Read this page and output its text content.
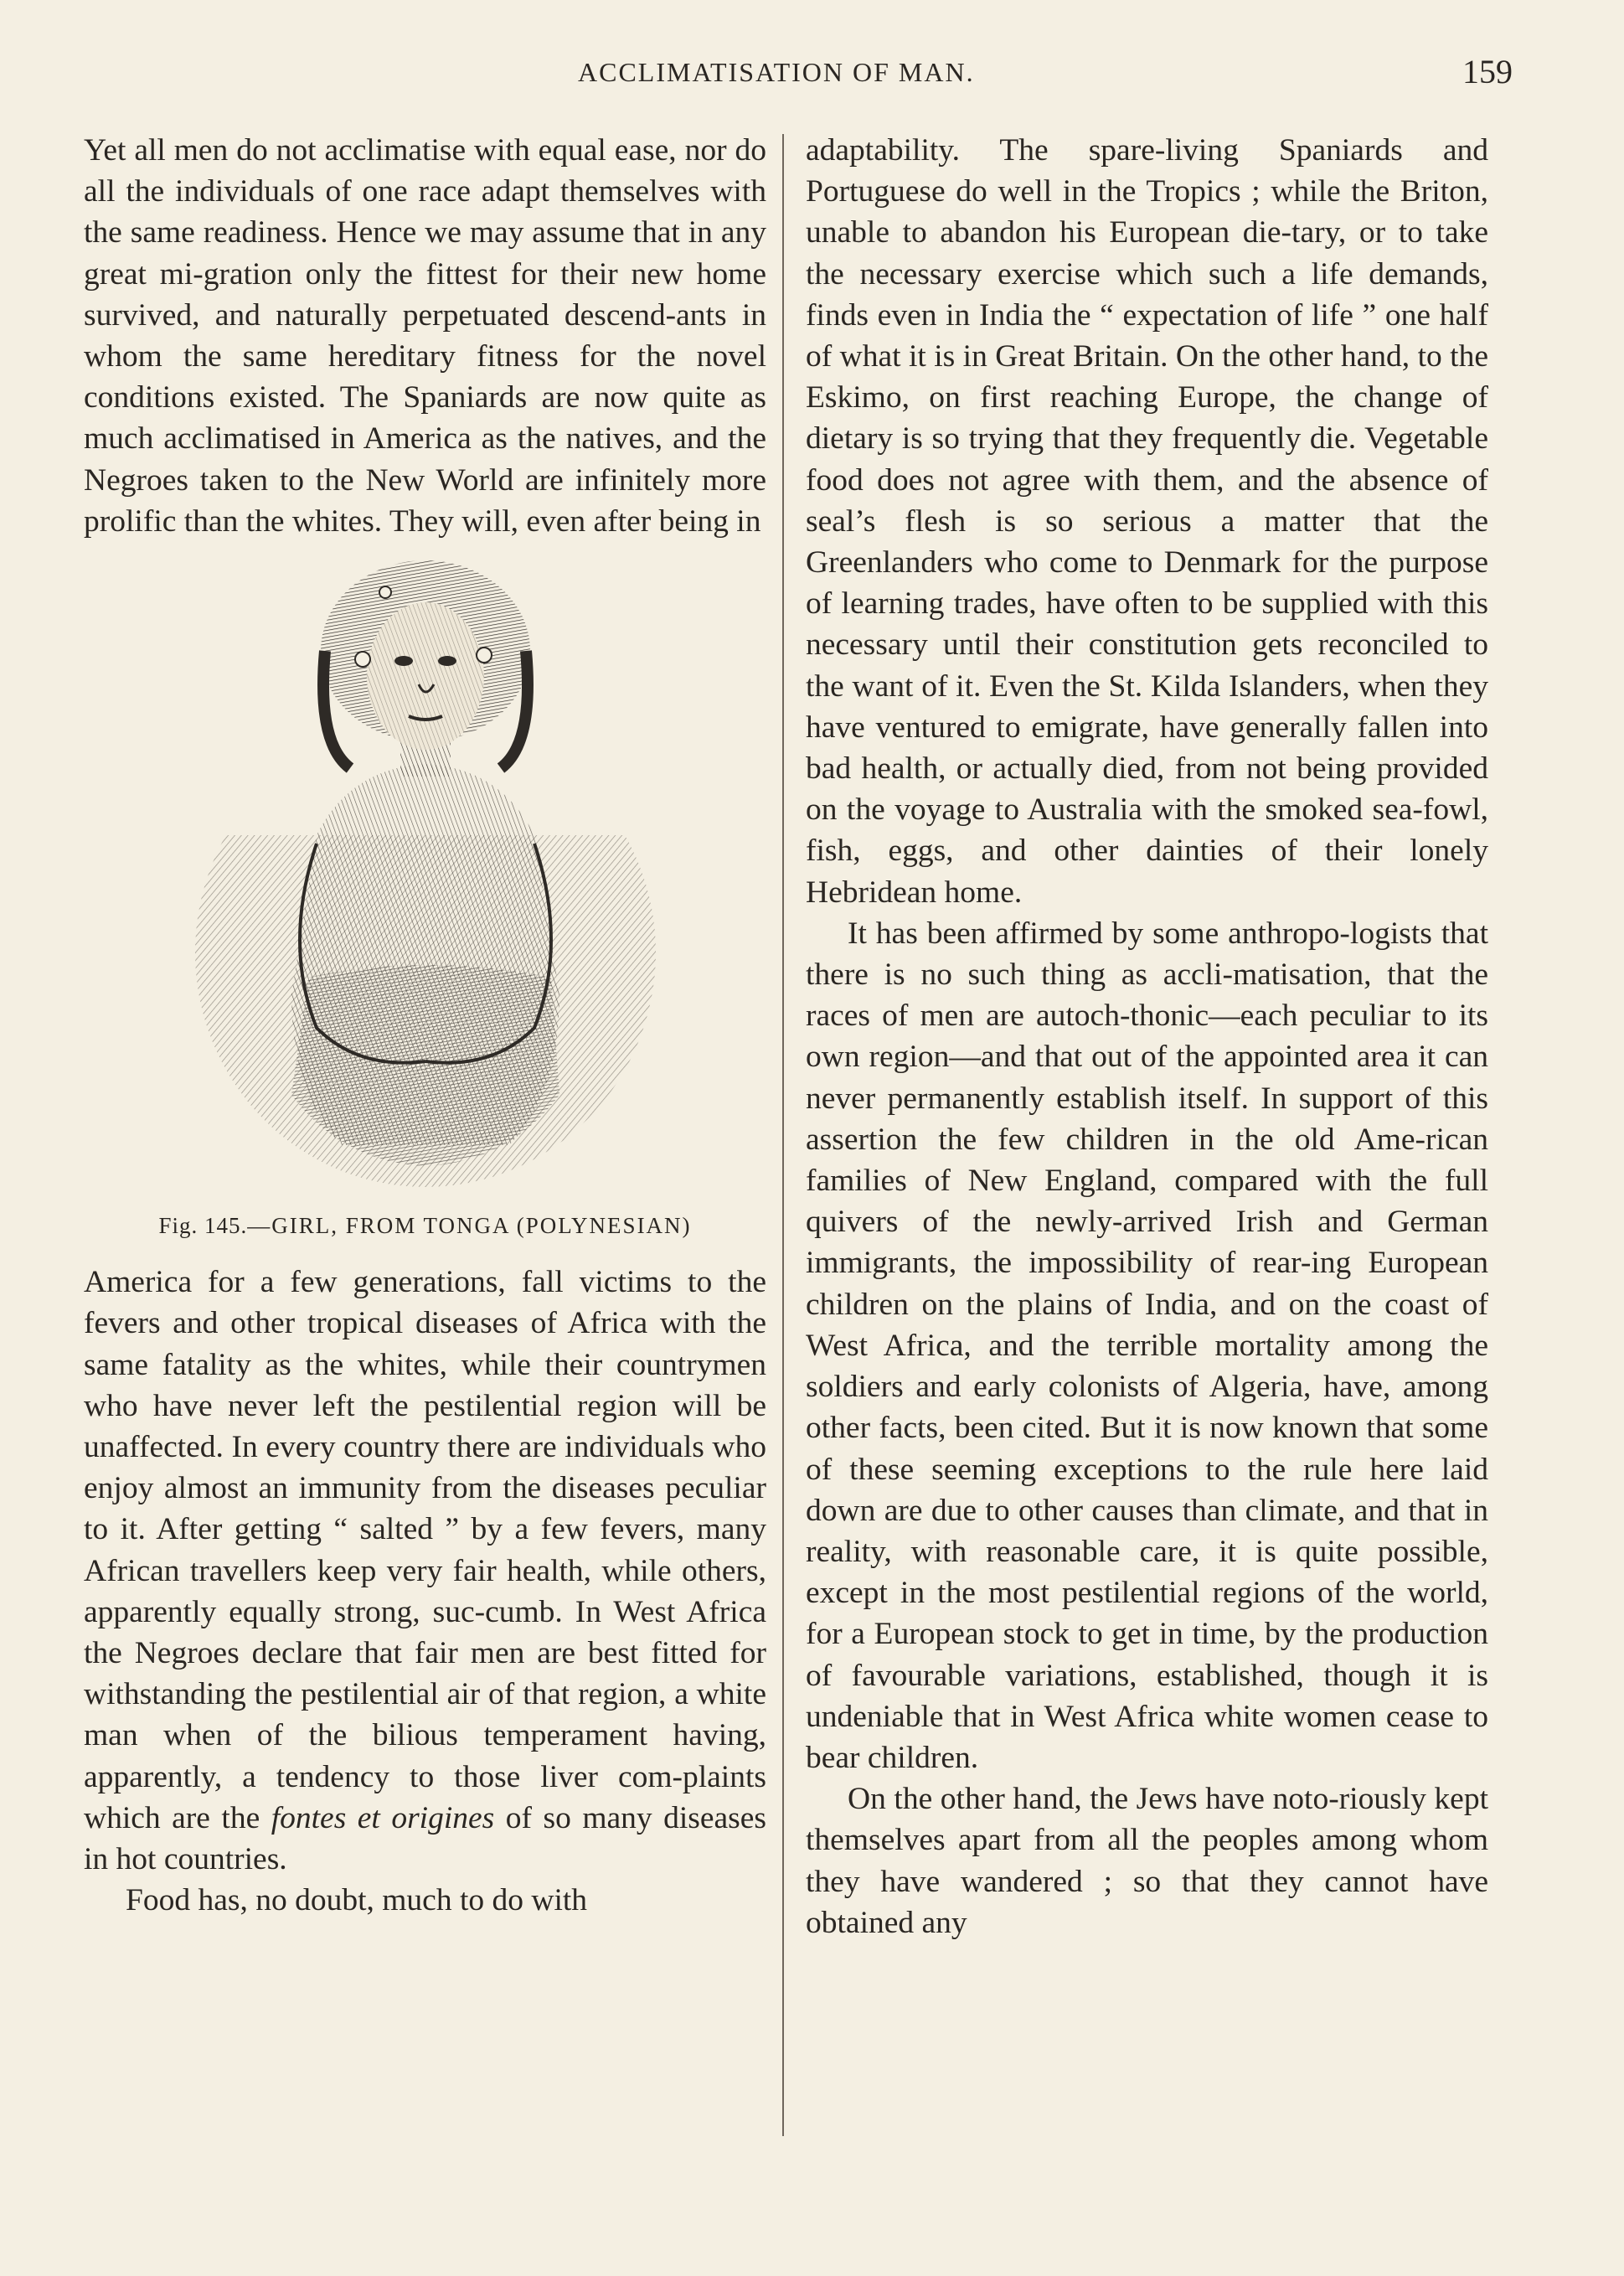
ACCLIMATISATION OF MAN.	159

Yet all men do not acclimatise with equal ease, nor do all the individuals of one race adapt themselves with the same readiness. Hence we may assume that in any great mi-gration only the fittest for their new home survived, and naturally perpetuated descend-ants in whom the same hereditary fitness for the novel conditions existed. The Spaniards are now quite as much acclimatised in America as the natives, and the Negroes taken to the New World are infinitely more prolific than the whites. They will, even after being in

Fig. 145.—GIRL, FROM TONGA (POLYNESIAN)

America for a few generations, fall victims to the fevers and other tropical diseases of Africa with the same fatality as the whites, while their countrymen who have never left the pestilential region will be unaffected. In every country there are individuals who enjoy almost an immunity from the diseases peculiar to it. After getting “ salted ” by a few fevers, many African travellers keep very fair health, while others, apparently equally strong, suc-cumb. In West Africa the Negroes declare that fair men are best fitted for withstanding the pestilential air of that region, a white man when of the bilious temperament having, apparently, a tendency to those liver com-plaints which are the fontes et origines of so many diseases in hot countries.

Food has, no doubt, much to do with

adaptability. The spare-living Spaniards and Portuguese do well in the Tropics ; while the Briton, unable to abandon his European die-tary, or to take the necessary exercise which such a life demands, finds even in India the “ expectation of life ” one half of what it is in Great Britain. On the other hand, to the Eskimo, on first reaching Europe, the change of dietary is so trying that they frequently die. Vegetable food does not agree with them, and the absence of seal’s flesh is so serious a matter that the Greenlanders who come to Denmark for the purpose of learning trades, have often to be supplied with this necessary until their constitution gets reconciled to the want of it. Even the St. Kilda Islanders, when they have ventured to emigrate, have generally fallen into bad health, or actually died, from not being provided on the voyage to Australia with the smoked sea-fowl, fish, eggs, and other dainties of their lonely Hebridean home.

It has been affirmed by some anthropo-logists that there is no such thing as accli-matisation, that the races of men are autoch-thonic—each peculiar to its own region—and that out of the appointed area it can never permanently establish itself. In support of this assertion the few children in the old Ame-rican families of New England, compared with the full quivers of the newly-arrived Irish and German immigrants, the impossibility of rear-ing European children on the plains of India, and on the coast of West Africa, and the terrible mortality among the soldiers and early colonists of Algeria, have, among other facts, been cited. But it is now known that some of these seeming exceptions to the rule here laid down are due to other causes than climate, and that in reality, with reasonable care, it is quite possible, except in the most pestilential regions of the world, for a European stock to get in time, by the production of favourable variations, established, though it is undeniable that in West Africa white women cease to bear children.

On the other hand, the Jews have noto-riously kept themselves apart from all the peoples among whom they have wandered ; so that they cannot have obtained any
